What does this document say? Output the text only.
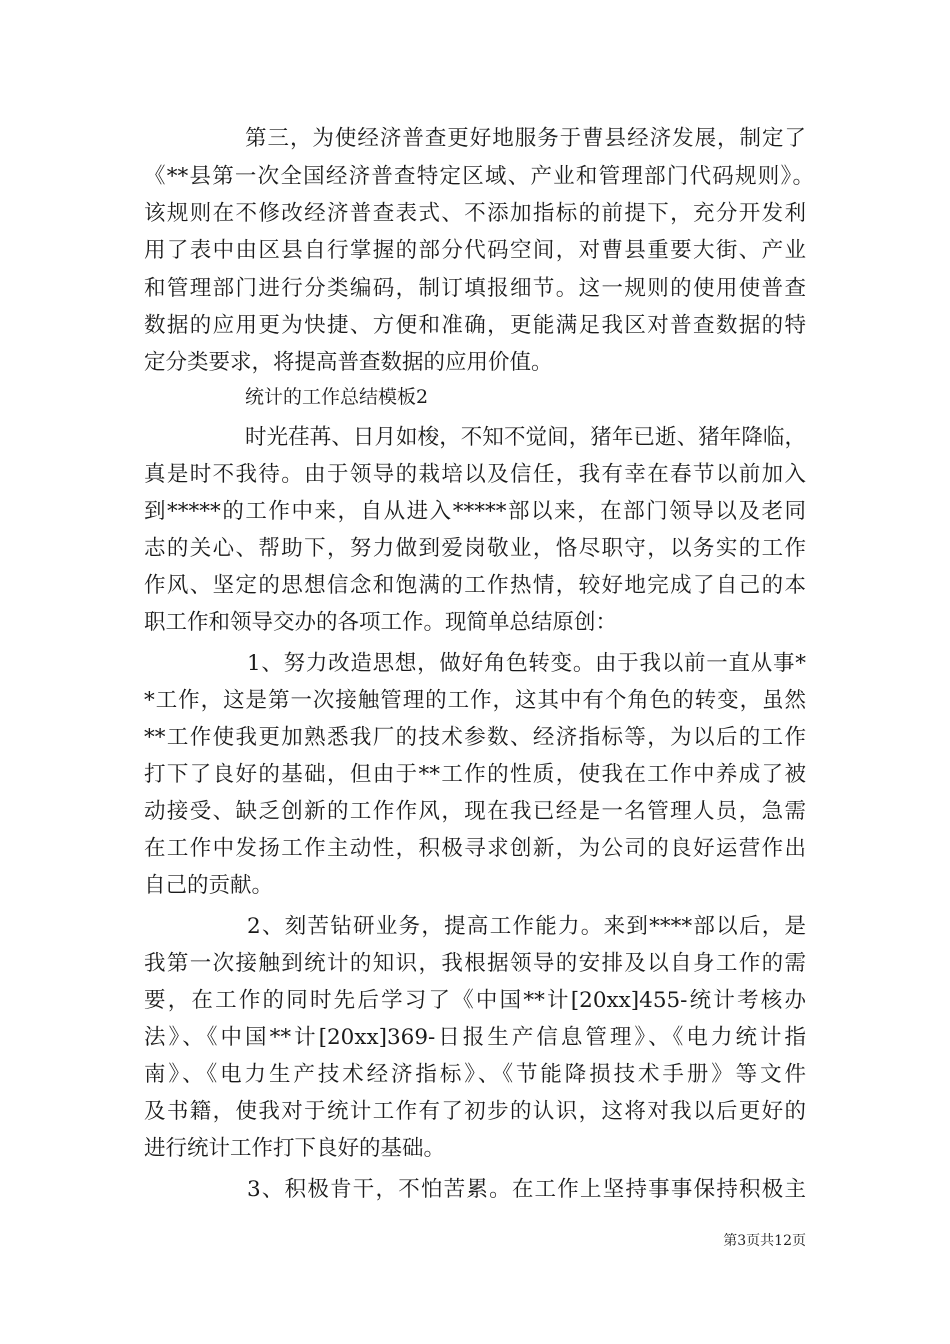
第三，为使经济普查更好地服务于曹县经济发展，制定了
《**县第一次全国经济普查特定区域、产业和管理部门代码规则》。
该规则在不修改经济普查表式、不添加指标的前提下，充分开发利
用了表中由区县自行掌握的部分代码空间，对曹县重要大街、产业
和管理部门进行分类编码，制订填报细节。这一规则的使用使普查
数据的应用更为快捷、方便和准确，更能满足我区对普查数据的特
定分类要求，将提高普查数据的应用价值。
统计的工作总结模板2
时光荏苒、日月如梭，不知不觉间，猪年已逝、猪年降临，
真是时不我待。由于领导的栽培以及信任，我有幸在春节以前加入
到*****的工作中来，自从进入*****部以来，在部门领导以及老同
志的关心、帮助下，努力做到爱岗敬业，恪尽职守，以务实的工作
作风、坚定的思想信念和饱满的工作热情，较好地完成了自己的本
职工作和领导交办的各项工作。现简单总结原创：
1、努力改造思想，做好角色转变。由于我以前一直从事*
*工作，这是第一次接触管理的工作，这其中有个角色的转变，虽然
**工作使我更加熟悉我厂的技术参数、经济指标等，为以后的工作
打下了良好的基础，但由于**工作的性质，使我在工作中养成了被
动接受、缺乏创新的工作作风，现在我已经是一名管理人员，急需
在工作中发扬工作主动性，积极寻求创新，为公司的良好运营作出
自己的贡献。
2、刻苦钻研业务，提高工作能力。来到****部以后，是
我第一次接触到统计的知识，我根据领导的安排及以自身工作的需
要，在工作的同时先后学习了《中国**计[20xx]455-统计考核办
法》、《中国**计[20xx]369-日报生产信息管理》、《电力统计指
南》、《电力生产技术经济指标》、《节能降损技术手册》等文件
及书籍，使我对于统计工作有了初步的认识，这将对我以后更好的
进行统计工作打下良好的基础。
3、积极肯干，不怕苦累。在工作上坚持事事保持积极主
第3页共12页
